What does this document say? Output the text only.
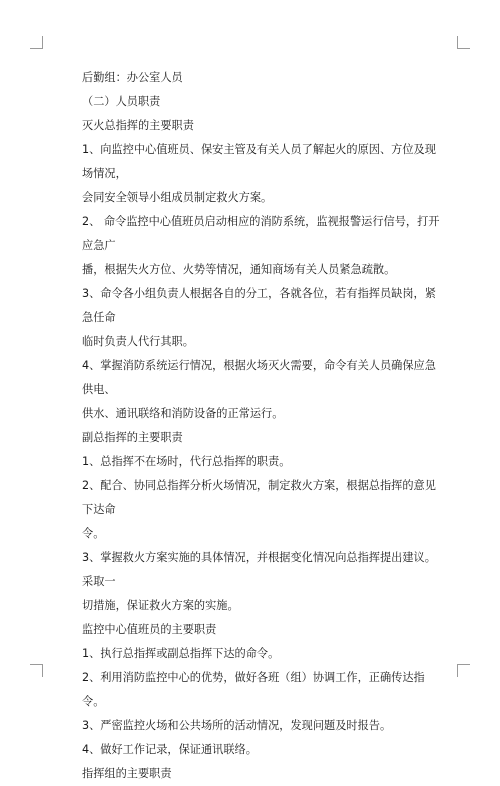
后勤组：办公室人员

（二）人员职责

灭火总指挥的主要职责

1、向监控中心值班员、保安主管及有关人员了解起火的原因、方位及现场情况，

会同安全领导小组成员制定救火方案。

2、 命令监控中心值班员启动相应的消防系统，监视报警运行信号，打开应急广

播，根据失火方位、火势等情况，通知商场有关人员紧急疏散。

3、命令各小组负责人根据各自的分工，各就各位，若有指挥员缺岗，紧急任命

临时负责人代行其职。

4、掌握消防系统运行情况，根据火场灭火需要，命令有关人员确保应急供电、

供水、通讯联络和消防设备的正常运行。

副总指挥的主要职责

1、总指挥不在场时，代行总指挥的职责。

2、配合、协同总指挥分析火场情况，制定救火方案，根据总指挥的意见下达命

令。

3、掌握救火方案实施的具体情况，并根据变化情况向总指挥提出建议。采取一

切措施，保证救火方案的实施。

监控中心值班员的主要职责

1、执行总指挥或副总指挥下达的命令。

2、利用消防监控中心的优势，做好各班（组）协调工作，正确传达指令。

3、严密监控火场和公共场所的活动情况，发现问题及时报告。

4、做好工作记录，保证通讯联络。

指挥组的主要职责
